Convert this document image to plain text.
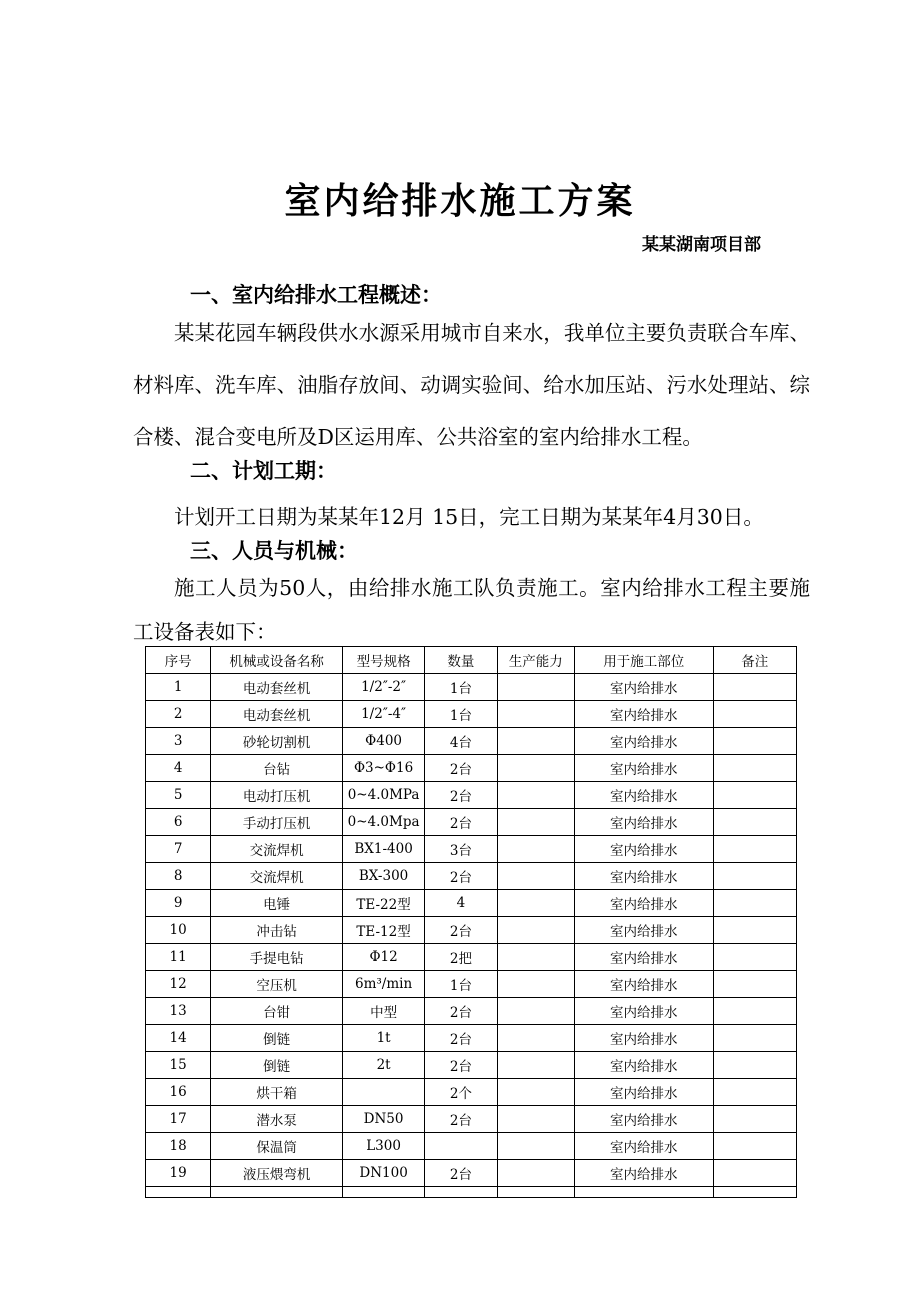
室内给排水施工方案
某某湖南项目部
一、室内给排水工程概述：
某某花园车辆段供水水源采用城市自来水，我单位主要负责联合车库、材料库、洗车库、油脂存放间、动调实验间、给水加压站、污水处理站、综合楼、混合变电所及D区运用库、公共浴室的室内给排水工程。
二、计划工期：
计划开工日期为某某年12月 15日，完工日期为某某年4月30日。
三、人员与机械：
施工人员为50人，由给排水施工队负责施工。室内给排水工程主要施工设备表如下：
序号	机械或设备名称	型号规格	数量	生产能力	用于施工部位	备注
1	电动套丝机	1/2″-2″	1台		室内给排水	
2	电动套丝机	1/2″-4″	1台		室内给排水	
3	砂轮切割机	Φ400	4台		室内给排水	
4	台钻	Φ3~Φ16	2台		室内给排水	
5	电动打压机	0~4.0MPa	2台		室内给排水	
6	手动打压机	0~4.0Mpa	2台		室内给排水	
7	交流焊机	BX1-400	3台		室内给排水	
8	交流焊机	BX-300	2台		室内给排水	
9	电锤	TE-22型	4		室内给排水	
10	冲击钻	TE-12型	2台		室内给排水	
11	手提电钻	Φ12	2把		室内给排水	
12	空压机	6m³/min	1台		室内给排水	
13	台钳	中型	2台		室内给排水	
14	倒链	1t	2台		室内给排水	
15	倒链	2t	2台		室内给排水	
16	烘干箱		2个		室内给排水	
17	潜水泵	DN50	2台		室内给排水	
18	保温筒	L300			室内给排水	
19	液压煨弯机	DN100	2台		室内给排水	
